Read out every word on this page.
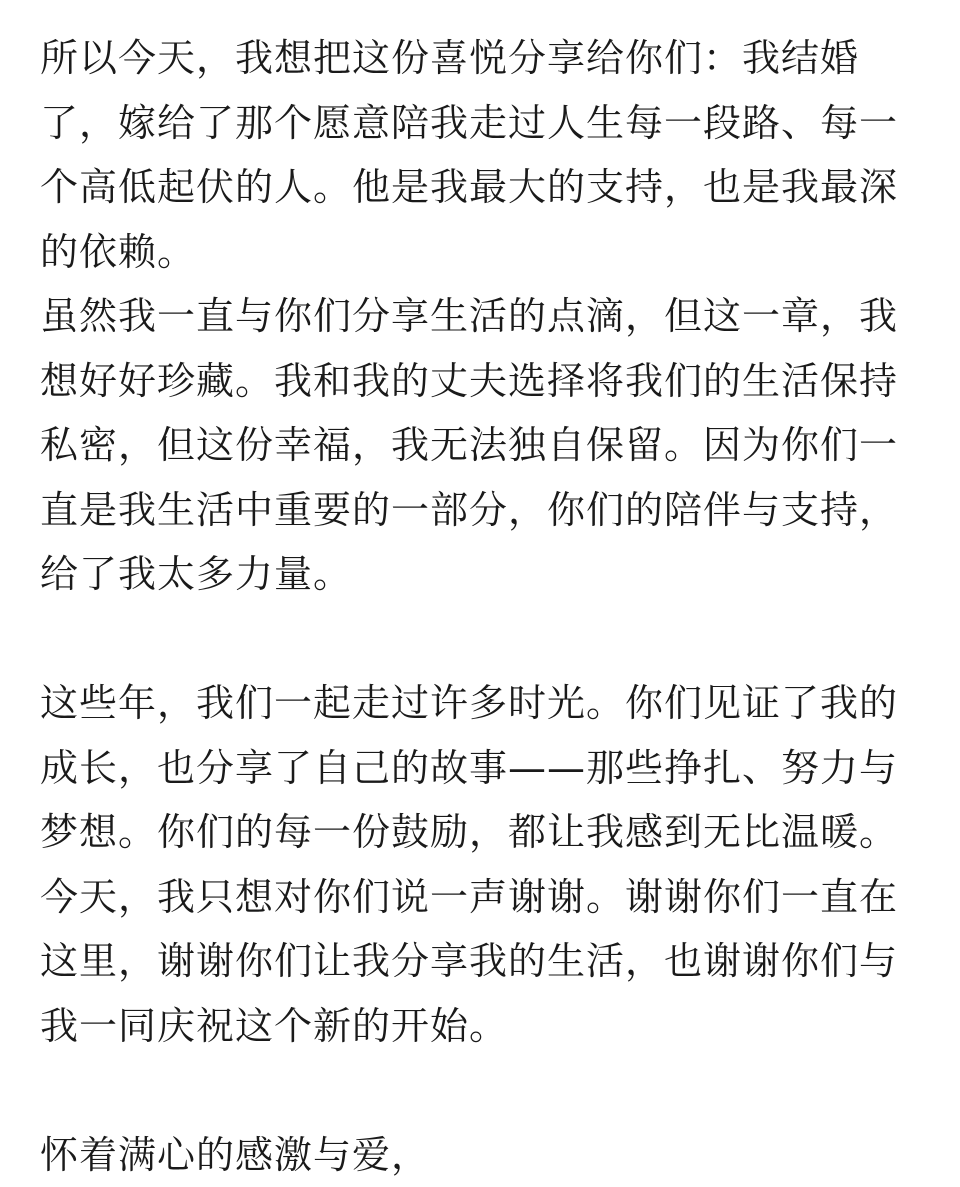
所以今天，我想把这份喜悦分享给你们：我结婚
了，嫁给了那个愿意陪我走过人生每一段路、每一
个高低起伏的人。他是我最大的支持，也是我最深
的依赖。
虽然我一直与你们分享生活的点滴，但这一章，我
想好好珍藏。我和我的丈夫选择将我们的生活保持
私密，但这份幸福，我无法独自保留。因为你们一
直是我生活中重要的一部分，你们的陪伴与支持，
给了我太多力量。
这些年，我们一起走过许多时光。你们见证了我的
成长，也分享了自己的故事——那些挣扎、努力与
梦想。你们的每一份鼓励，都让我感到无比温暖。
今天，我只想对你们说一声谢谢。谢谢你们一直在
这里，谢谢你们让我分享我的生活，也谢谢你们与
我一同庆祝这个新的开始。
怀着满心的感激与爱，
